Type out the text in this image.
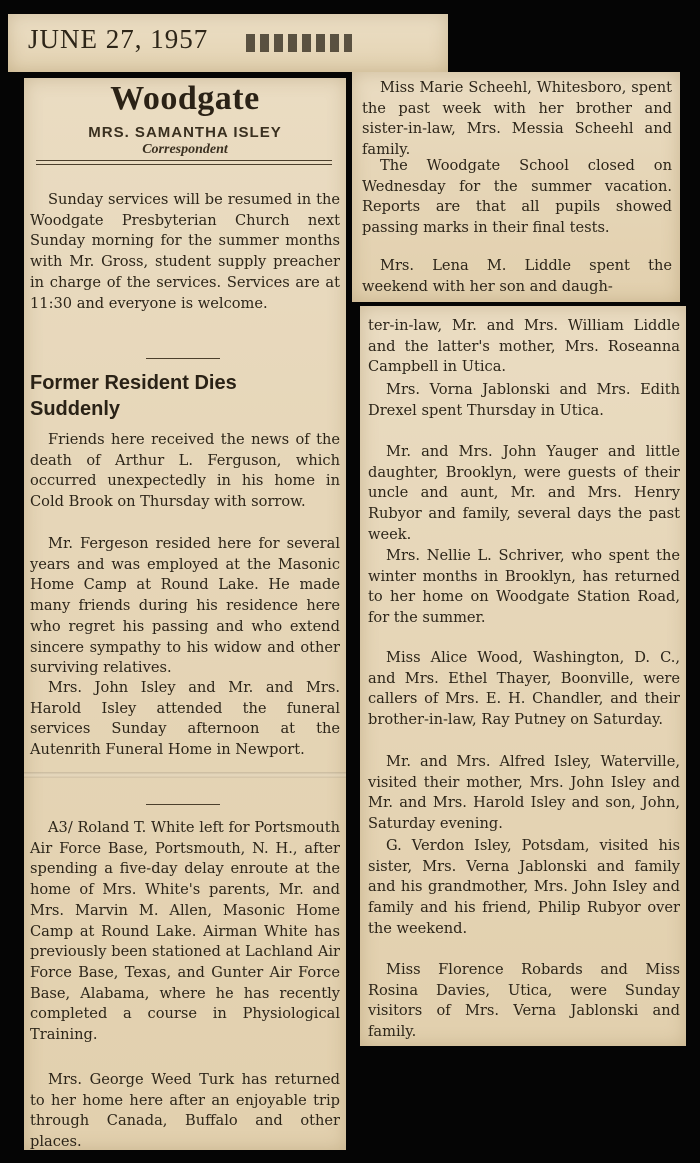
JUNE 27, 1957
Woodgate
MRS. SAMANTHA ISLEY
Correspondent

Sunday services will be resumed in the Woodgate Presbyterian Church next Sunday morning for the summer months with Mr. Gross, student supply preacher in charge of the services. Services are at 11:30 and everyone is welcome.

Former Resident Dies Suddenly

Friends here received the news of the death of Arthur L. Ferguson, which occurred unexpectedly in his home in Cold Brook on Thursday with sorrow.

Mr. Fergeson resided here for several years and was employed at the Masonic Home Camp at Round Lake. He made many friends during his residence here who regret his passing and who extend sincere sympathy to his widow and other surviving relatives.

Mrs. John Isley and Mr. and Mrs. Harold Isley attended the funeral services Sunday afternoon at the Autenrith Funeral Home in Newport.

A3/ Roland T. White left for Portsmouth Air Force Base, Portsmouth, N. H., after spending a five-day delay enroute at the home of Mrs. White's parents, Mr. and Mrs. Marvin M. Allen, Masonic Home Camp at Round Lake. Airman White has previously been stationed at Lachland Air Force Base, Texas, and Gunter Air Force Base, Alabama, where he has recently completed a course in Physiological Training.

Mrs. George Weed Turk has returned to her home here after an enjoyable trip through Canada, Buffalo and other places.

Miss Marie Scheehl, Whitesboro, spent the past week with her brother and sister-in-law, Mrs. Messia Scheehl and family.

The Woodgate School closed on Wednesday for the summer vacation. Reports are that all pupils showed passing marks in their final tests.

Mrs. Lena M. Liddle spent the weekend with her son and daugh-

ter-in-law, Mr. and Mrs. William Liddle and the latter's mother, Mrs. Roseanna Campbell in Utica.

Mrs. Vorna Jablonski and Mrs. Edith Drexel spent Thursday in Utica.

Mr. and Mrs. John Yauger and little daughter, Brooklyn, were guests of their uncle and aunt, Mr. and Mrs. Henry Rubyor and family, several days the past week.

Mrs. Nellie L. Schriver, who spent the winter months in Brooklyn, has returned to her home on Woodgate Station Road, for the summer.

Miss Alice Wood, Washington, D. C., and Mrs. Ethel Thayer, Boonville, were callers of Mrs. E. H. Chandler, and their brother-in-law, Ray Putney on Saturday.

Mr. and Mrs. Alfred Isley, Waterville, visited their mother, Mrs. John Isley and Mr. and Mrs. Harold Isley and son, John, Saturday evening.

G. Verdon Isley, Potsdam, visited his sister, Mrs. Verna Jablonski and family and his grandmother, Mrs. John Isley and family and his friend, Philip Rubyor over the weekend.

Miss Florence Robards and Miss Rosina Davies, Utica, were Sunday visitors of Mrs. Verna Jablonski and family.
